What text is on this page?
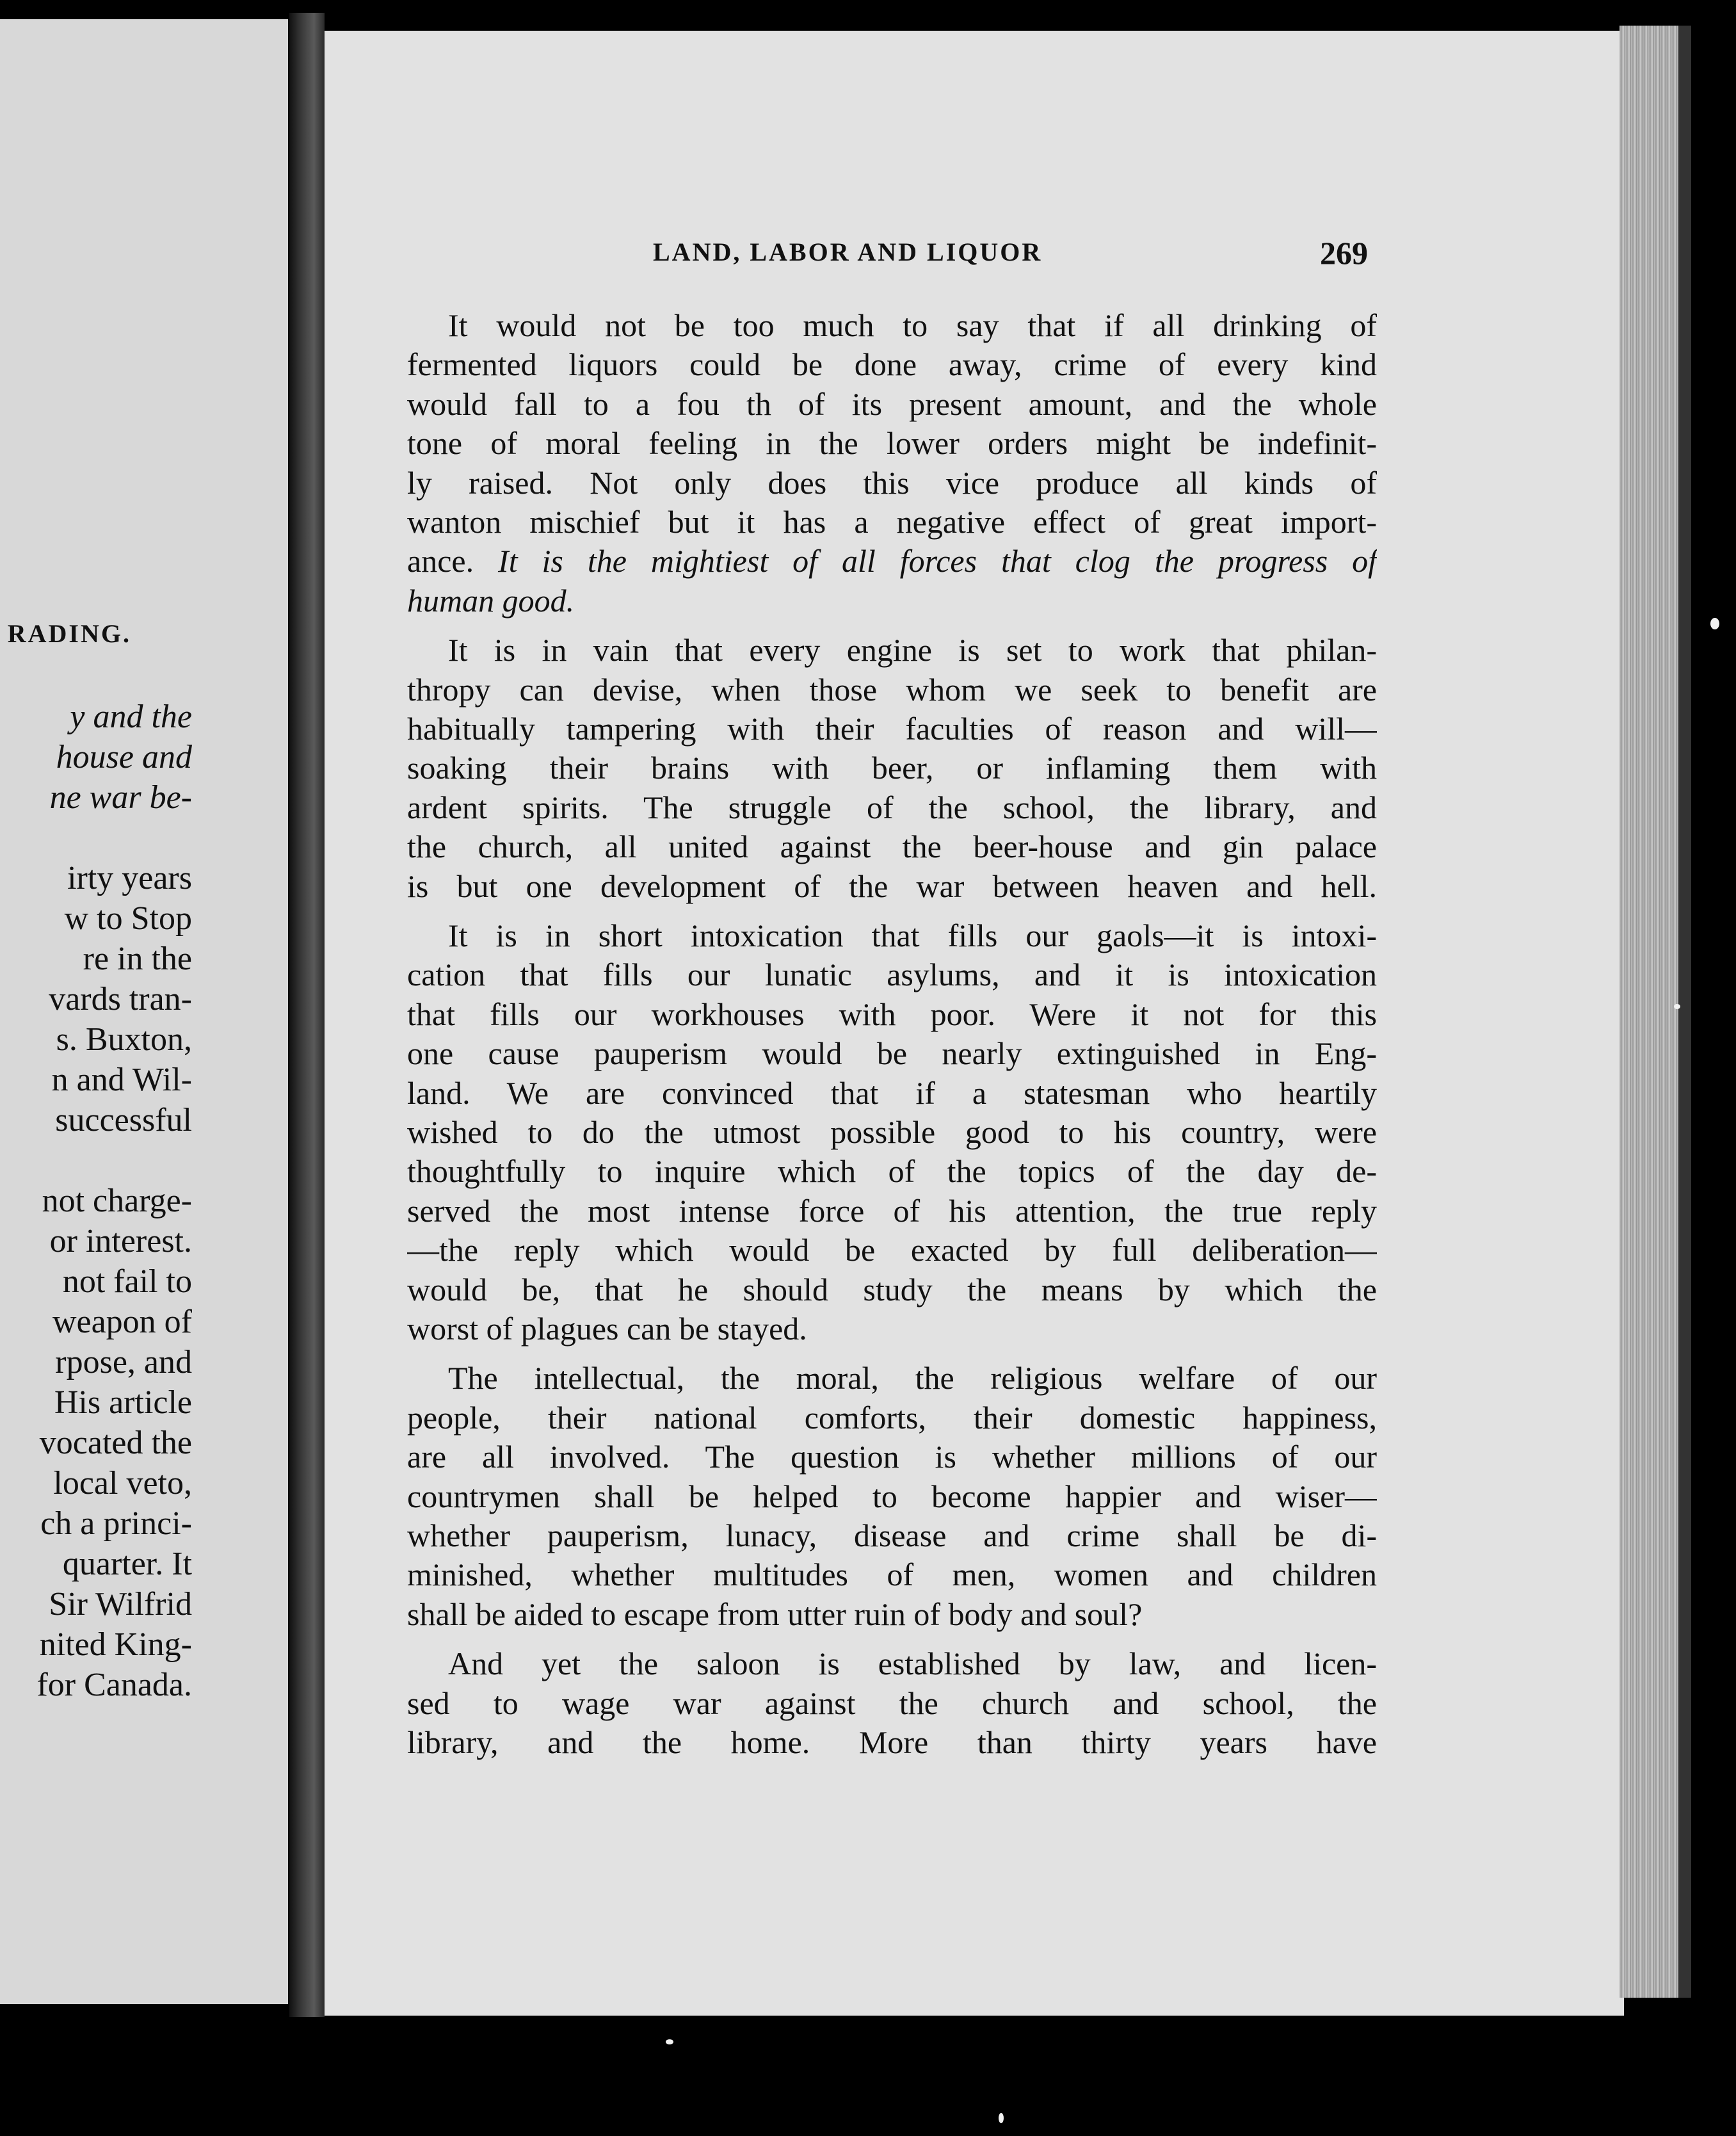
RADING.
y and the
house and
ne war be-
irty years
w to Stop
re in the
vards tran-
s. Buxton,
n and Wil-
successful
not charge-
or interest.
not fail to
weapon of
rpose, and
His article
vocated the
local veto,
ch a princi-
quarter. It
Sir Wilfrid
nited King-
for Canada.
LAND, LABOR AND LIQUOR	269
It would not be too much to say that if all drinking of
fermented liquors could be done away, crime of every kind
would fall to a fou th of its present amount, and the whole
tone of moral feeling in the lower orders might be indefinit-
ly raised. Not only does this vice produce all kinds of
wanton mischief but it has a negative effect of great import-
ance. It is the mightiest of all forces that clog the progress of
human good.
It is in vain that every engine is set to work that philan-
thropy can devise, when those whom we seek to benefit are
habitually tampering with their faculties of reason and will—
soaking their brains with beer, or inflaming them with
ardent spirits. The struggle of the school, the library, and
the church, all united against the beer-house and gin palace
is but one development of the war between heaven and hell.
It is in short intoxication that fills our gaols—it is intoxi-
cation that fills our lunatic asylums, and it is intoxication
that fills our workhouses with poor. Were it not for this
one cause pauperism would be nearly extinguished in Eng-
land. We are convinced that if a statesman who heartily
wished to do the utmost possible good to his country, were
thoughtfully to inquire which of the topics of the day de-
served the most intense force of his attention, the true reply
—the reply which would be exacted by full deliberation—
would be, that he should study the means by which the
worst of plagues can be stayed.
The intellectual, the moral, the religious welfare of our
people, their national comforts, their domestic happiness,
are all involved. The question is whether millions of our
countrymen shall be helped to become happier and wiser—
whether pauperism, lunacy, disease and crime shall be di-
minished, whether multitudes of men, women and children
shall be aided to escape from utter ruin of body and soul?
And yet the saloon is established by law, and licen-
sed to wage war against the church and school, the
library, and the home. More than thirty years have
